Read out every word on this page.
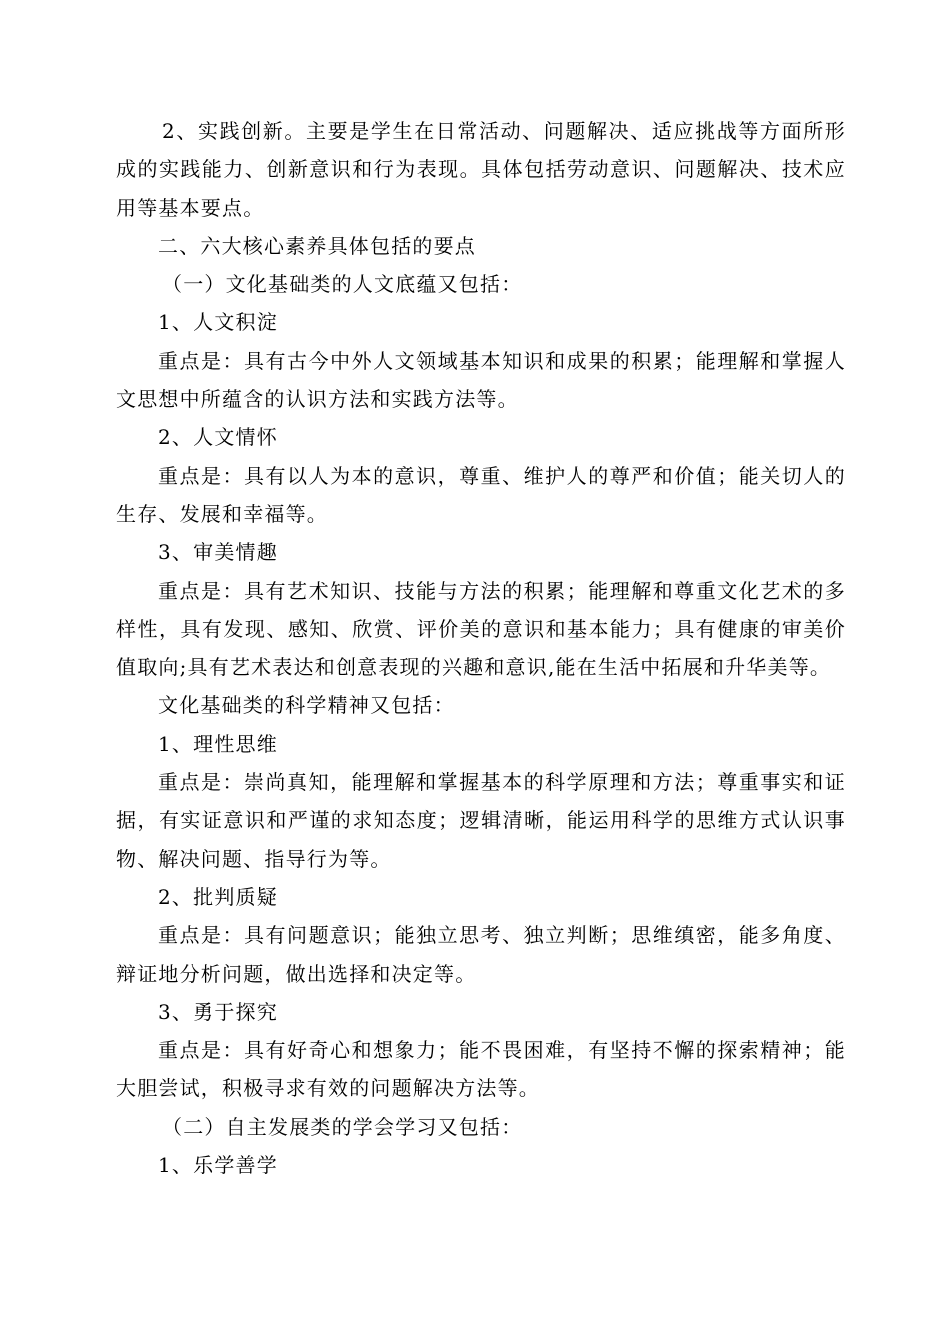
2、实践创新。主要是学生在日常活动、问题解决、适应挑战等方面所形成的实践能力、创新意识和行为表现。具体包括劳动意识、问题解决、技术应用等基本要点。

二、六大核心素养具体包括的要点

（一）文化基础类的人文底蕴又包括：

1、人文积淀

重点是：具有古今中外人文领域基本知识和成果的积累；能理解和掌握人文思想中所蕴含的认识方法和实践方法等。

2、人文情怀

重点是：具有以人为本的意识，尊重、维护人的尊严和价值；能关切人的生存、发展和幸福等。

3、审美情趣

重点是：具有艺术知识、技能与方法的积累；能理解和尊重文化艺术的多样性，具有发现、感知、欣赏、评价美的意识和基本能力；具有健康的审美价值取向;具有艺术表达和创意表现的兴趣和意识,能在生活中拓展和升华美等。

文化基础类的科学精神又包括：

1、理性思维

重点是：崇尚真知，能理解和掌握基本的科学原理和方法；尊重事实和证据，有实证意识和严谨的求知态度；逻辑清晰，能运用科学的思维方式认识事物、解决问题、指导行为等。

2、批判质疑

重点是：具有问题意识；能独立思考、独立判断；思维缜密，能多角度、辩证地分析问题，做出选择和决定等。

3、勇于探究

重点是：具有好奇心和想象力；能不畏困难，有坚持不懈的探索精神；能大胆尝试，积极寻求有效的问题解决方法等。

（二）自主发展类的学会学习又包括：

1、乐学善学
